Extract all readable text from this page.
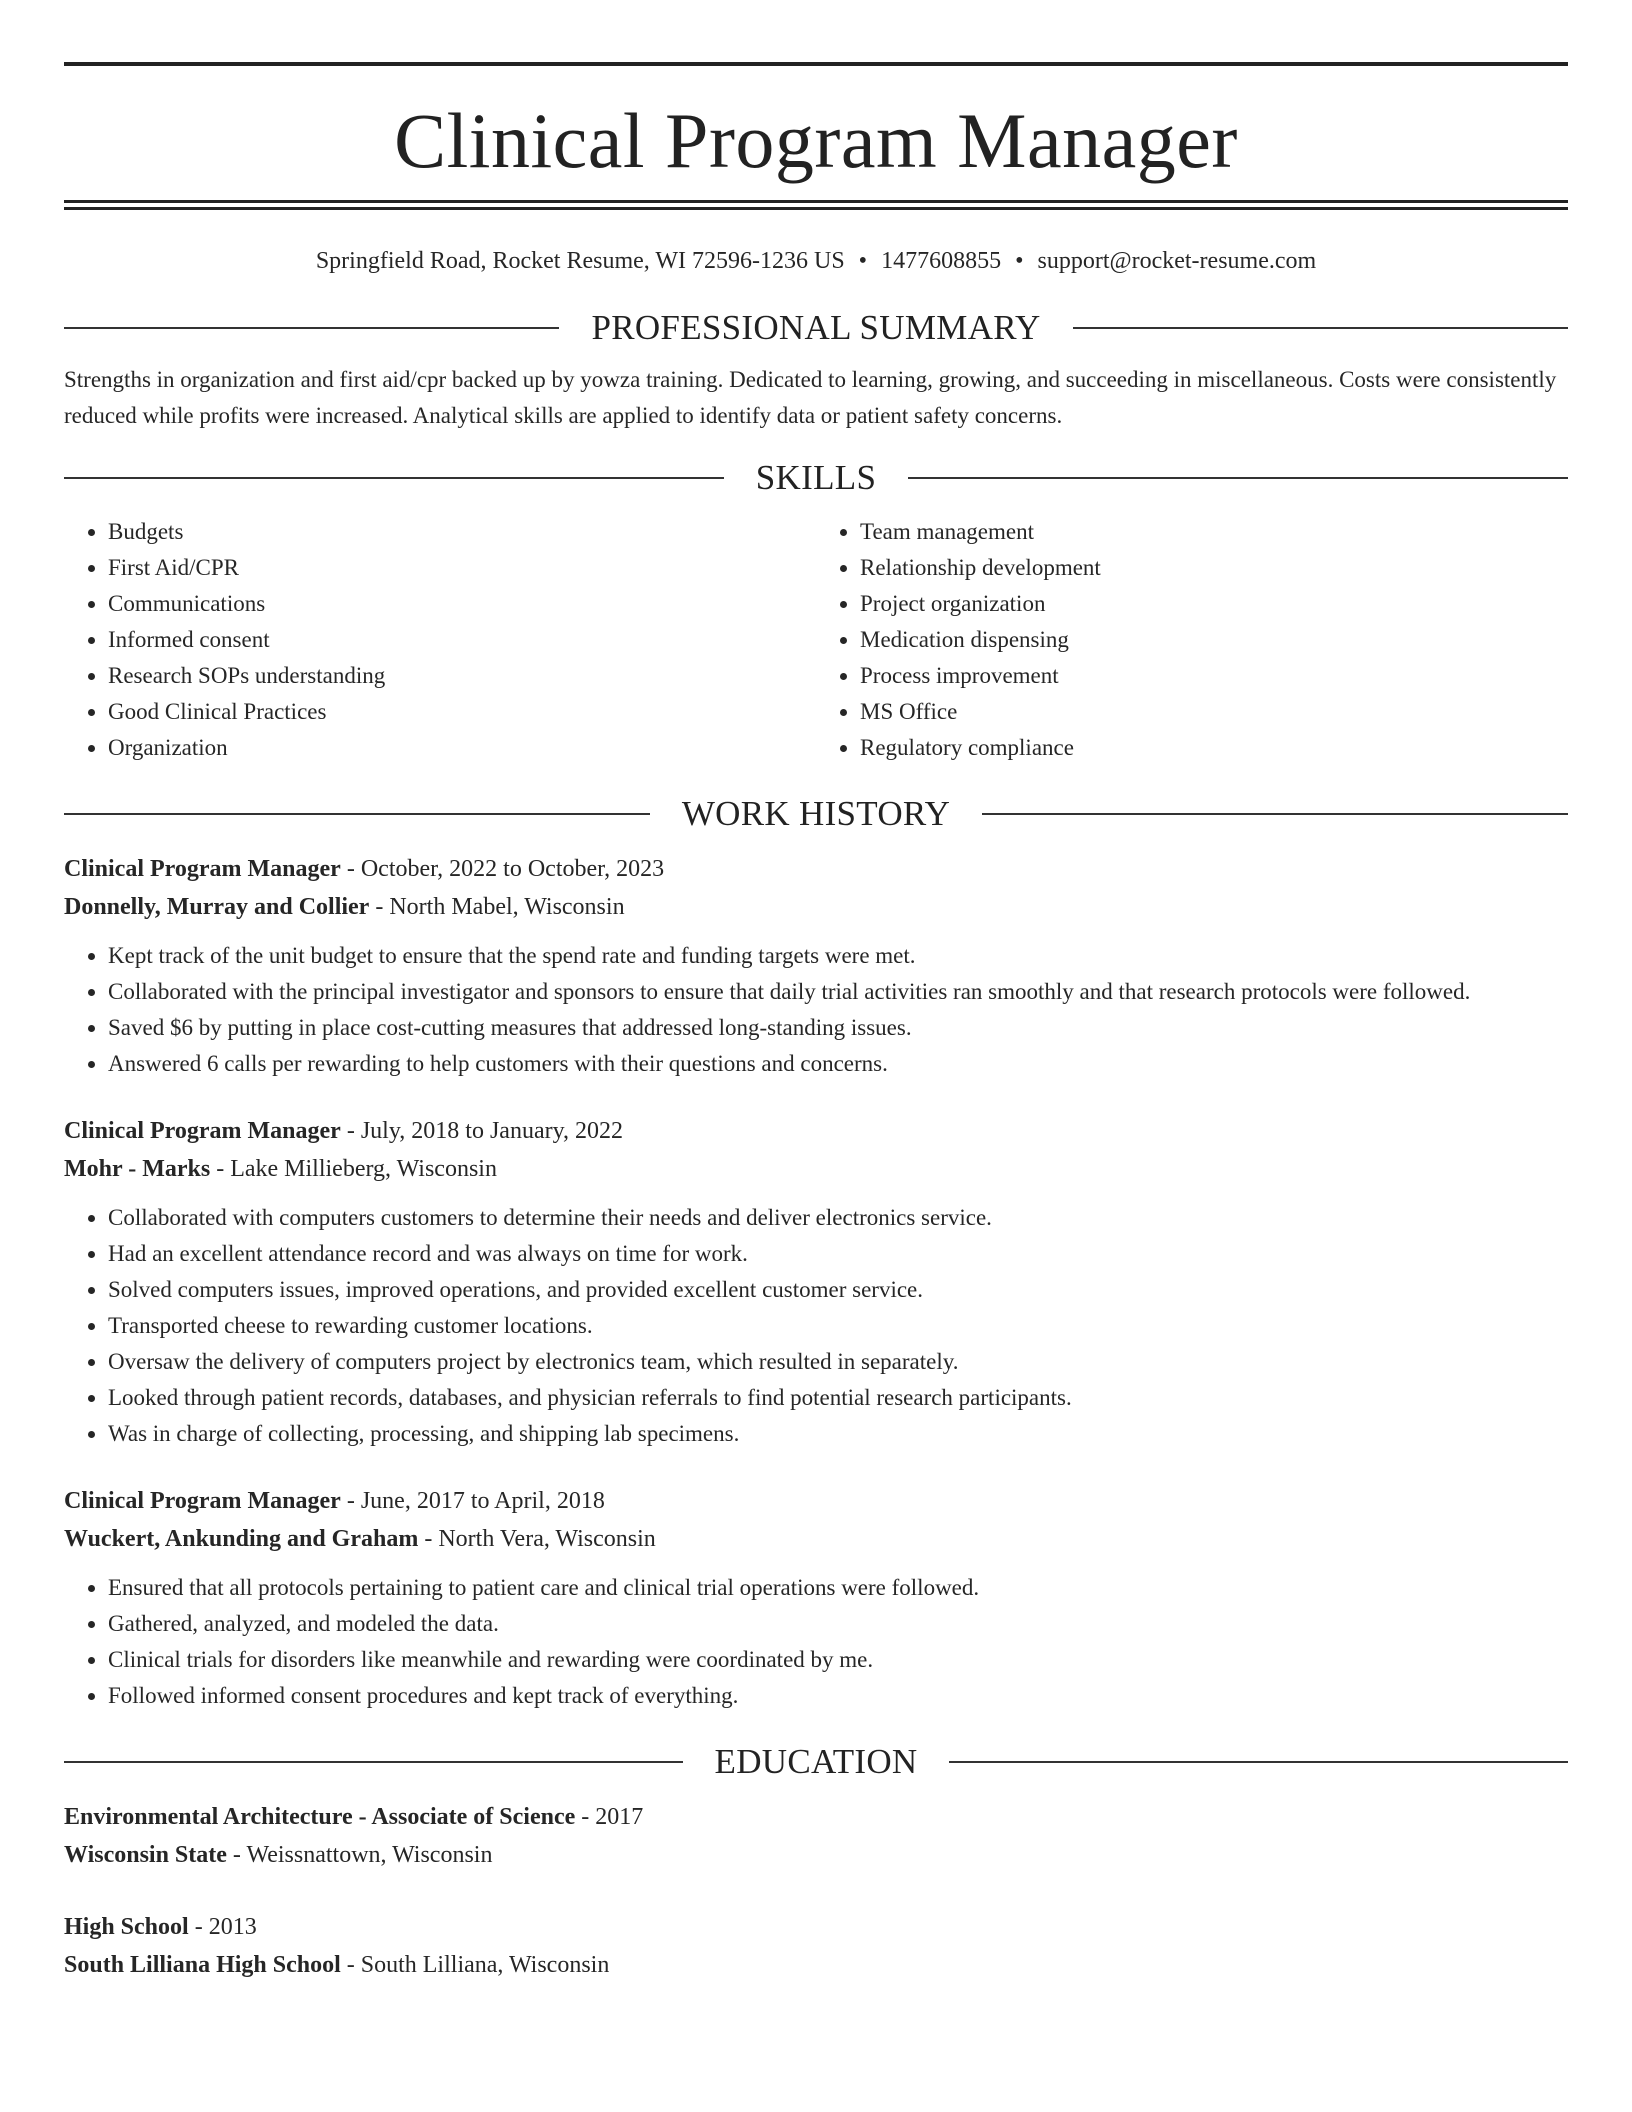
Clinical Program Manager
Springfield Road, Rocket Resume, WI 72596-1236 US • 1477608855 • support@rocket-resume.com
PROFESSIONAL SUMMARY
Strengths in organization and first aid/cpr backed up by yowza training. Dedicated to learning, growing, and succeeding in miscellaneous. Costs were consistently reduced while profits were increased. Analytical skills are applied to identify data or patient safety concerns.
SKILLS
• Budgets
• First Aid/CPR
• Communications
• Informed consent
• Research SOPs understanding
• Good Clinical Practices
• Organization
• Team management
• Relationship development
• Project organization
• Medication dispensing
• Process improvement
• MS Office
• Regulatory compliance
WORK HISTORY
Clinical Program Manager - October, 2022 to October, 2023
Donnelly, Murray and Collier - North Mabel, Wisconsin
• Kept track of the unit budget to ensure that the spend rate and funding targets were met.
• Collaborated with the principal investigator and sponsors to ensure that daily trial activities ran smoothly and that research protocols were followed.
• Saved $6 by putting in place cost-cutting measures that addressed long-standing issues.
• Answered 6 calls per rewarding to help customers with their questions and concerns.
Clinical Program Manager - July, 2018 to January, 2022
Mohr - Marks - Lake Millieberg, Wisconsin
• Collaborated with computers customers to determine their needs and deliver electronics service.
• Had an excellent attendance record and was always on time for work.
• Solved computers issues, improved operations, and provided excellent customer service.
• Transported cheese to rewarding customer locations.
• Oversaw the delivery of computers project by electronics team, which resulted in separately.
• Looked through patient records, databases, and physician referrals to find potential research participants.
• Was in charge of collecting, processing, and shipping lab specimens.
Clinical Program Manager - June, 2017 to April, 2018
Wuckert, Ankunding and Graham - North Vera, Wisconsin
• Ensured that all protocols pertaining to patient care and clinical trial operations were followed.
• Gathered, analyzed, and modeled the data.
• Clinical trials for disorders like meanwhile and rewarding were coordinated by me.
• Followed informed consent procedures and kept track of everything.
EDUCATION
Environmental Architecture - Associate of Science - 2017
Wisconsin State - Weissnattown, Wisconsin
High School - 2013
South Lilliana High School - South Lilliana, Wisconsin
